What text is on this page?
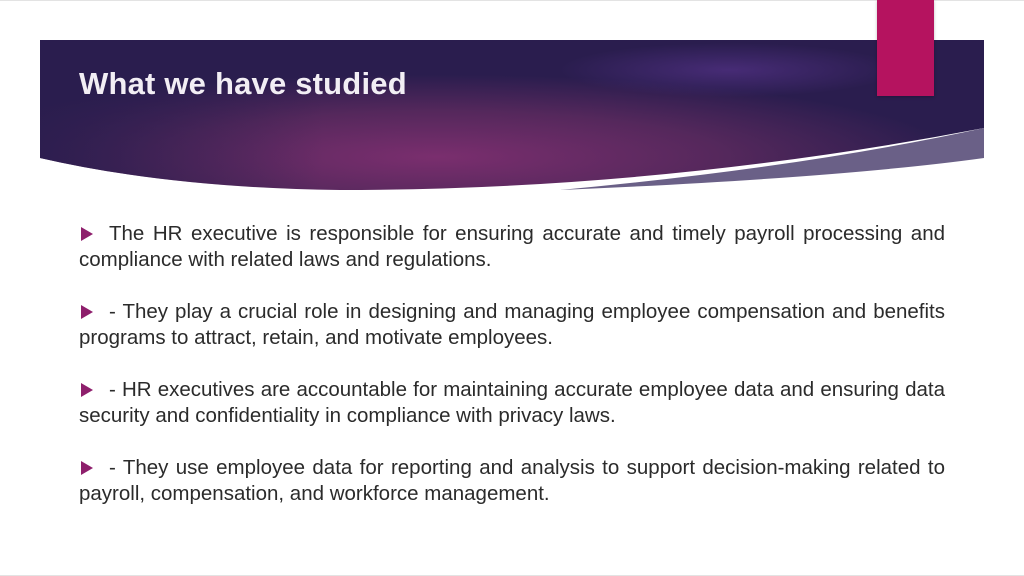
What we have studied

The HR executive is responsible for ensuring accurate and timely payroll processing and compliance with related laws and regulations.

- They play a crucial role in designing and managing employee compensation and benefits programs to attract, retain, and motivate employees.

- HR executives are accountable for maintaining accurate employee data and ensuring data security and confidentiality in compliance with privacy laws.

- They use employee data for reporting and analysis to support decision-making related to payroll, compensation, and workforce management.
